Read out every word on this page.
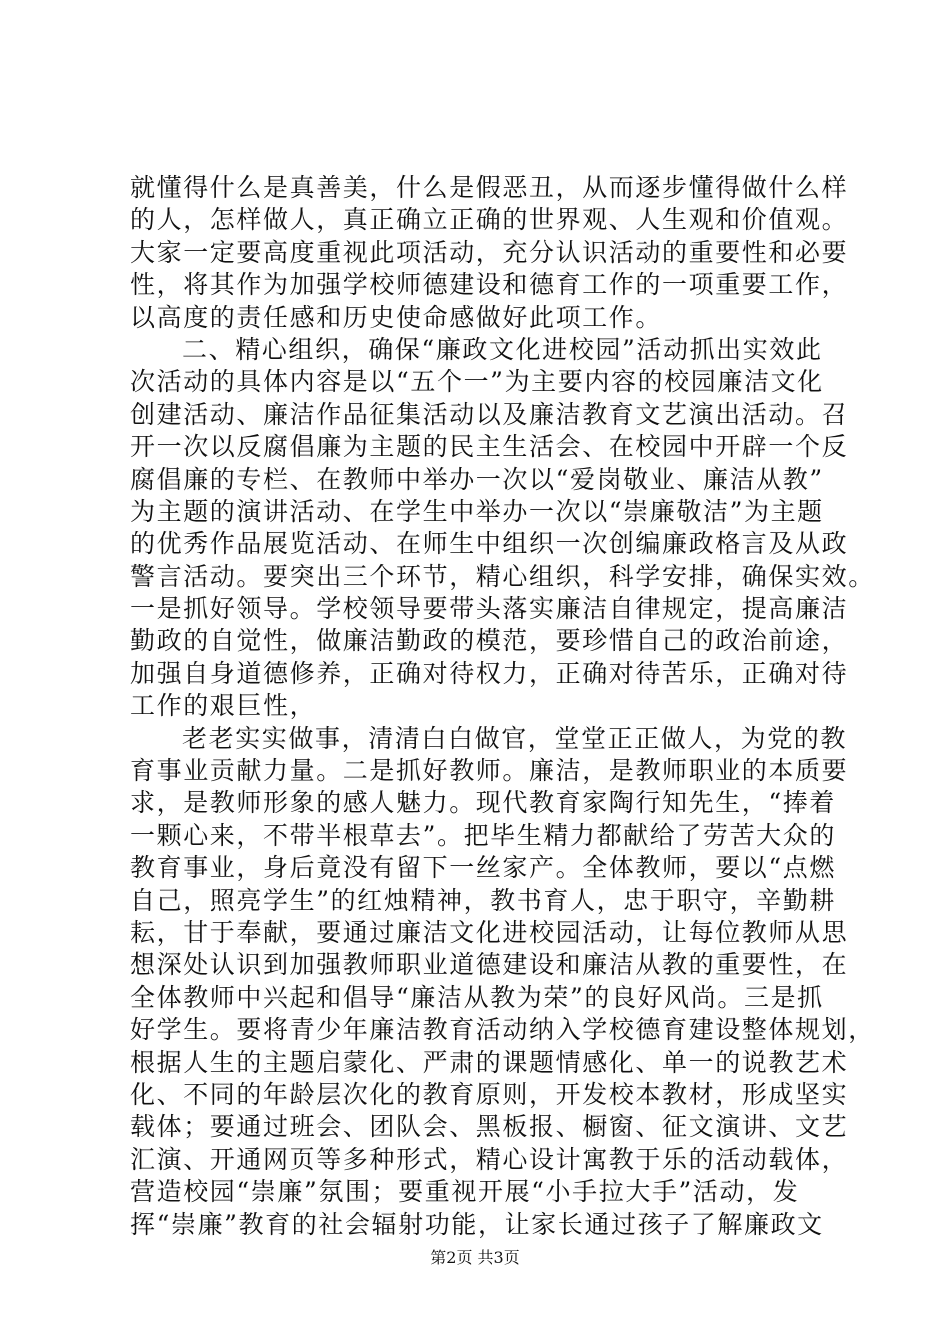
就懂得什么是真善美，什么是假恶丑，从而逐步懂得做什么样
的人，怎样做人，真正确立正确的世界观、人生观和价值观。
大家一定要高度重视此项活动，充分认识活动的重要性和必要
性，将其作为加强学校师德建设和德育工作的一项重要工作，
以高度的责任感和历史使命感做好此项工作。
二、精心组织，确保“廉政文化进校园”活动抓出实效此
次活动的具体内容是以“五个一”为主要内容的校园廉洁文化
创建活动、廉洁作品征集活动以及廉洁教育文艺演出活动。召
开一次以反腐倡廉为主题的民主生活会、在校园中开辟一个反
腐倡廉的专栏、在教师中举办一次以“爱岗敬业、廉洁从教”
为主题的演讲活动、在学生中举办一次以“崇廉敬洁”为主题
的优秀作品展览活动、在师生中组织一次创编廉政格言及从政
警言活动。要突出三个环节，精心组织，科学安排，确保实效。
一是抓好领导。学校领导要带头落实廉洁自律规定，提高廉洁
勤政的自觉性，做廉洁勤政的模范，要珍惜自己的政治前途，
加强自身道德修养，正确对待权力，正确对待苦乐，正确对待
工作的艰巨性，
老老实实做事，清清白白做官，堂堂正正做人，为党的教
育事业贡献力量。二是抓好教师。廉洁，是教师职业的本质要
求，是教师形象的感人魅力。现代教育家陶行知先生，“捧着
一颗心来，不带半根草去”。把毕生精力都献给了劳苦大众的
教育事业，身后竟没有留下一丝家产。全体教师，要以“点燃
自己，照亮学生”的红烛精神，教书育人，忠于职守，辛勤耕
耘，甘于奉献，要通过廉洁文化进校园活动，让每位教师从思
想深处认识到加强教师职业道德建设和廉洁从教的重要性，在
全体教师中兴起和倡导“廉洁从教为荣”的良好风尚。三是抓
好学生。要将青少年廉洁教育活动纳入学校德育建设整体规划，
根据人生的主题启蒙化、严肃的课题情感化、单一的说教艺术
化、不同的年龄层次化的教育原则，开发校本教材，形成坚实
载体；要通过班会、团队会、黑板报、橱窗、征文演讲、文艺
汇演、开通网页等多种形式，精心设计寓教于乐的活动载体，
营造校园“崇廉”氛围；要重视开展“小手拉大手”活动，发
挥“崇廉”教育的社会辐射功能，让家长通过孩子了解廉政文
第2页 共3页
